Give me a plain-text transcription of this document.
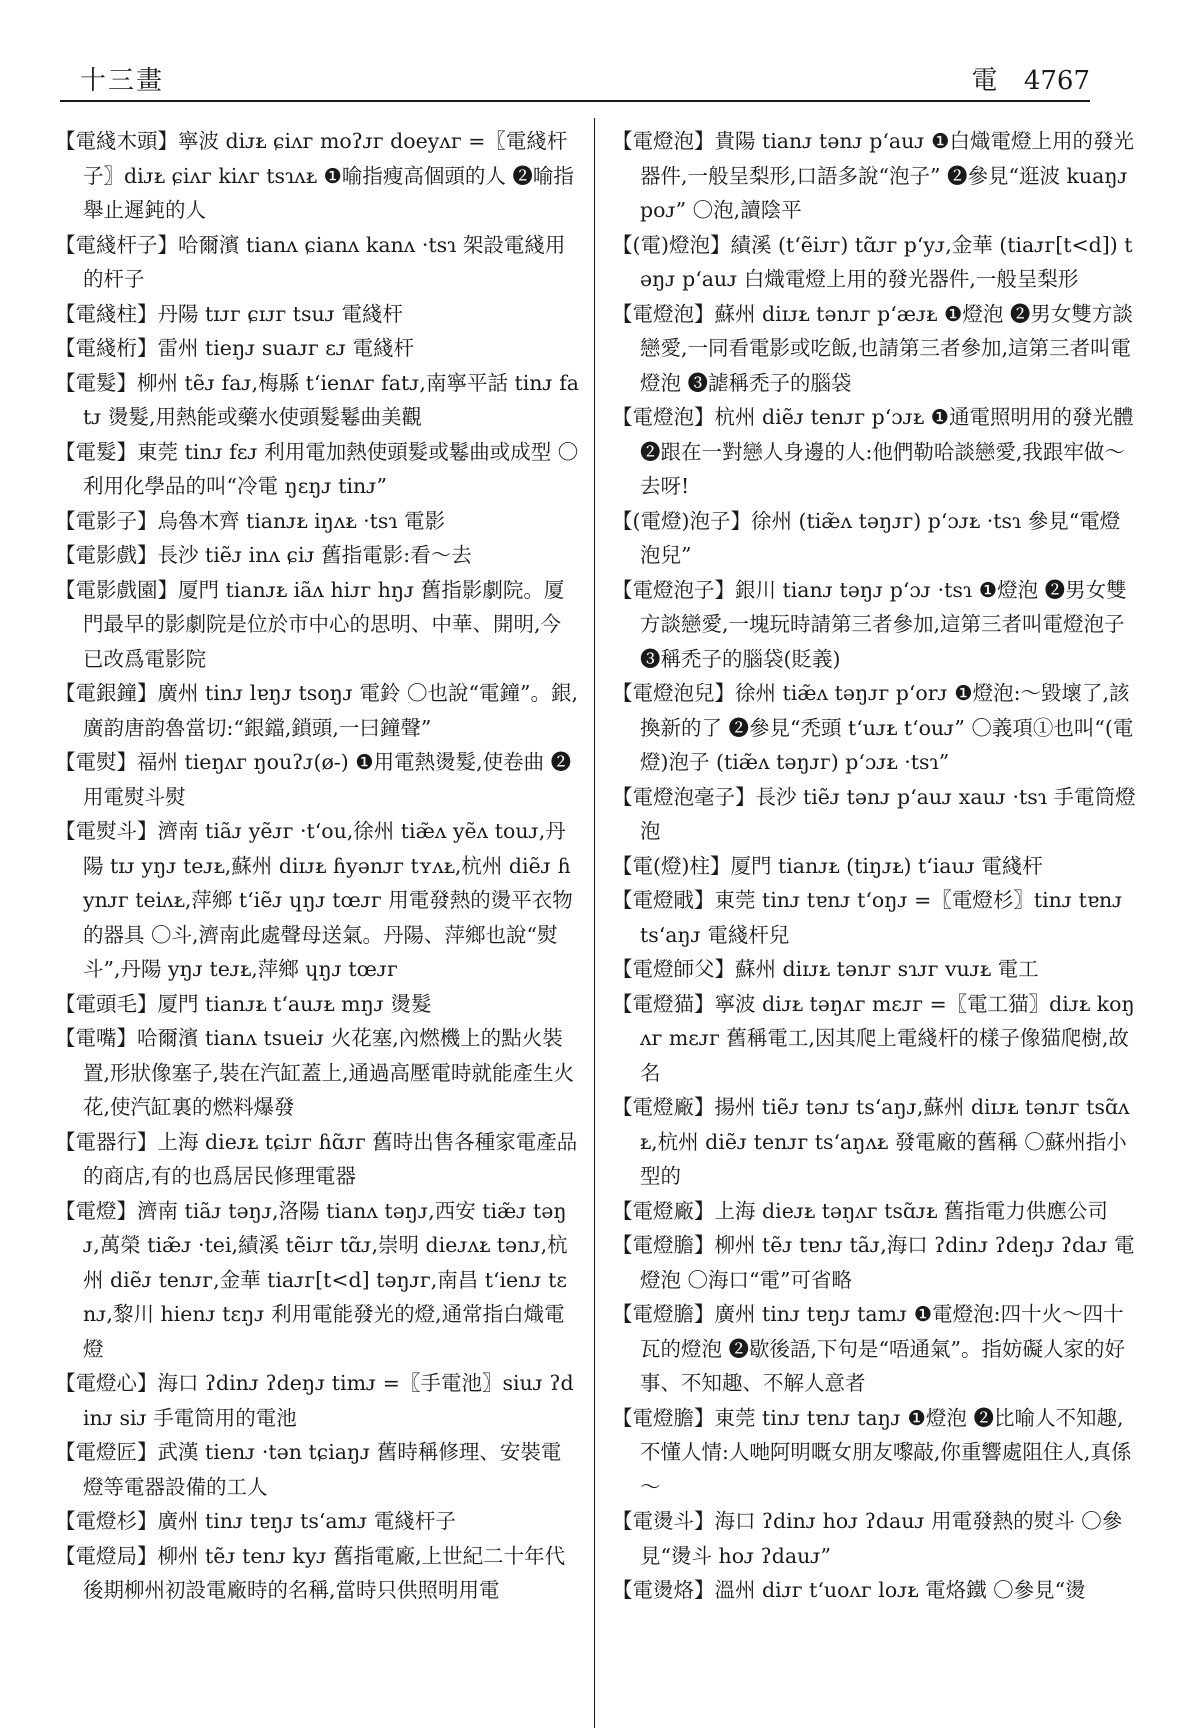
十三畫	電 4767
【電綫木頭】寧波 diᴊᴌ ɕiᴧᴦ moʔᴊᴦ doeyᴧᴦ =〖電綫杆子〗diᴊᴌ ɕiᴧᴦ kiᴧᴦ tsɿᴧᴌ ❶喻指瘦高個頭的人 ❷喻指舉止遲鈍的人
【電綫杆子】哈爾濱 tianᴧ ɕianᴧ kanᴧ ·tsɿ 架設電綫用的杆子
【電綫柱】丹陽 tɪᴊᴦ ɕɪᴊᴦ tsuᴊ 電綫杆
【電綫桁】雷州 tieŋᴊ suaᴊᴦ ɛᴊ 電綫杆
【電髮】柳州 tẽᴊ faᴊ,梅縣 tʻienᴧᴦ fatᴊ,南寧平話 tinᴊ fatᴊ 燙髮,用熱能或藥水使頭髮鬈曲美觀
【電髮】東莞 tinᴊ fɛᴊ 利用電加熱使頭髮或鬈曲或成型 〇利用化學品的叫“冷電 ŋɛŋᴊ tinᴊ”
【電影子】烏魯木齊 tianᴊᴌ iŋᴧᴌ ·tsɿ 電影
【電影戲】長沙 tiẽᴊ inᴧ ɕiᴊ 舊指電影:看～去
【電影戲園】厦門 tianᴊᴌ iãᴧ hiᴊᴦ hŋᴊ 舊指影劇院。厦門最早的影劇院是位於市中心的思明、中華、開明,今已改爲電影院
【電銀鐘】廣州 tinᴊ lɐŋᴊ tsoŋᴊ 電鈴 〇也說“電鐘”。銀,廣韵唐韵魯當切:“銀鐺,鎖頭,一曰鐘聲”
【電熨】福州 tieŋᴧᴦ ŋouʔᴊ(ø-) ❶用電熱燙髮,使卷曲 ❷用電熨斗熨
【電熨斗】濟南 tiãᴊ yẽᴊᴦ ·tʻou,徐州 tiæ̃ᴧ yẽᴧ touᴊ,丹陽 tɪᴊ yŋᴊ teᴊᴌ,蘇州 diɪᴊᴌ ɦyənᴊᴦ tʏᴧᴌ,杭州 diẽᴊ ɦynᴊᴦ teiᴧᴌ,萍鄉 tʻiẽᴊ ɥŋᴊ tœᴊᴦ 用電發熱的燙平衣物的器具 〇斗,濟南此處聲母送氣。丹陽、萍鄉也說“熨斗”,丹陽 yŋᴊ teᴊᴌ,萍鄉 ɥŋᴊ tœᴊᴦ
【電頭毛】厦門 tianᴊᴌ tʻauᴊᴌ mŋᴊ 燙髮
【電嘴】哈爾濱 tianᴧ tsueiᴊ 火花塞,內燃機上的點火裝置,形狀像塞子,裝在汽缸蓋上,通過高壓電時就能產生火花,使汽缸裏的燃料爆發
【電器行】上海 dieᴊᴌ tɕiᴊᴦ ɦɑ̃ᴊᴦ 舊時出售各種家電產品的商店,有的也爲居民修理電器
【電燈】濟南 tiãᴊ təŋᴊ,洛陽 tianᴧ təŋᴊ,西安 tiæ̃ᴊ təŋᴊ,萬榮 tiæ̃ᴊ ·tei,績溪 tẽiᴊᴦ tɑ̃ᴊ,崇明 dieᴊᴧᴌ tənᴊ,杭州 diẽᴊ tenᴊᴦ,金華 tiaᴊᴦ[t<d] təŋᴊᴦ,南昌 tʻienᴊ tɛnᴊ,黎川 hienᴊ tɛŋᴊ 利用電能發光的燈,通常指白熾電燈
【電燈心】海口 ʔdinᴊ ʔdeŋᴊ timᴊ =〖手電池〗siuᴊ ʔdinᴊ siᴊ 手電筒用的電池
【電燈匠】武漢 tienᴊ ·tən tɕiaŋᴊ 舊時稱修理、安裝電燈等電器設備的工人
【電燈杉】廣州 tinᴊ tɐŋᴊ tsʻamᴊ 電綫杆子
【電燈局】柳州 tẽᴊ tenᴊ kyᴊ 舊指電廠,上世紀二十年代後期柳州初設電廠時的名稱,當時只供照明用電
【電燈泡】貴陽 tianᴊ tənᴊ pʻauᴊ ❶白熾電燈上用的發光器件,一般呈梨形,口語多說“泡子” ❷參見“逛波 kuaŋᴊ poᴊ” 〇泡,讀陰平
【(電)燈泡】績溪 (tʻẽiᴊᴦ) tɑ̃ᴊᴦ pʻyᴊ,金華 (tiaᴊᴦ[t<d]) təŋᴊ pʻauᴊ 白熾電燈上用的發光器件,一般呈梨形
【電燈泡】蘇州 diɪᴊᴌ tənᴊᴦ pʻæᴊᴌ ❶燈泡 ❷男女雙方談戀愛,一同看電影或吃飯,也請第三者參加,這第三者叫電燈泡 ❸謔稱禿子的腦袋
【電燈泡】杭州 diẽᴊ tenᴊᴦ pʻɔᴊᴌ ❶通電照明用的發光體 ❷跟在一對戀人身邊的人:他們勒哈談戀愛,我跟牢做～去呀!
【(電燈)泡子】徐州 (tiæ̃ᴧ təŋᴊᴦ) pʻɔᴊᴌ ·tsɿ 參見“電燈泡兒”
【電燈泡子】銀川 tianᴊ təŋᴊ pʻɔᴊ ·tsɿ ❶燈泡 ❷男女雙方談戀愛,一塊玩時請第三者參加,這第三者叫電燈泡子 ❸稱禿子的腦袋(貶義)
【電燈泡兒】徐州 tiæ̃ᴧ təŋᴊᴦ pʻorᴊ ❶燈泡:～毀壞了,該換新的了 ❷參見“禿頭 tʻuᴊᴌ tʻouᴊ” 〇義項①也叫“(電燈)泡子 (tiæ̃ᴧ təŋᴊᴦ) pʻɔᴊᴌ ·tsɿ”
【電燈泡毫子】長沙 tiẽᴊ tənᴊ pʻauᴊ xauᴊ ·tsɿ 手電筒燈泡
【電(燈)柱】厦門 tianᴊᴌ (tiŋᴊᴌ) tʻiauᴊ 電綫杆
【電燈戙】東莞 tinᴊ tɐnᴊ tʻoŋᴊ =〖電燈杉〗tinᴊ tɐnᴊ tsʻaŋᴊ 電綫杆兒
【電燈師父】蘇州 diɪᴊᴌ tənᴊᴦ sɿᴊᴦ vuᴊᴌ 電工
【電燈猫】寧波 diᴊᴌ təŋᴧᴦ mɛᴊᴦ =〖電工猫〗diᴊᴌ koŋᴧᴦ mɛᴊᴦ 舊稱電工,因其爬上電綫杆的樣子像猫爬樹,故名
【電燈廠】揚州 tiẽᴊ tənᴊ tsʻaŋᴊ,蘇州 diɪᴊᴌ tənᴊᴦ tsɑ̃ᴧᴌ,杭州 diẽᴊ tenᴊᴦ tsʻaŋᴧᴌ 發電廠的舊稱 〇蘇州指小型的
【電燈廠】上海 dieᴊᴌ təŋᴧᴦ tsɑ̃ᴊᴌ 舊指電力供應公司
【電燈膽】柳州 tẽᴊ tɐnᴊ tãᴊ,海口 ʔdinᴊ ʔdeŋᴊ ʔdaᴊ 電燈泡 〇海口“電”可省略
【電燈膽】廣州 tinᴊ tɐŋᴊ tamᴊ ❶電燈泡:四十火～四十瓦的燈泡 ❷歇後語,下句是“唔通氣”。指妨礙人家的好事、不知趣、不解人意者
【電燈膽】東莞 tinᴊ tɐnᴊ taŋᴊ ❶燈泡 ❷比喻人不知趣,不懂人情:人哋阿明嘅女朋友嚟敲,你重響處阻住人,真係～
【電燙斗】海口 ʔdinᴊ hoᴊ ʔdauᴊ 用電發熱的熨斗 〇參見“燙斗 hoᴊ ʔdauᴊ”
【電燙烙】溫州 diᴊᴦ tʻuoᴧᴦ loᴊᴌ 電烙鐵 〇參見“燙
